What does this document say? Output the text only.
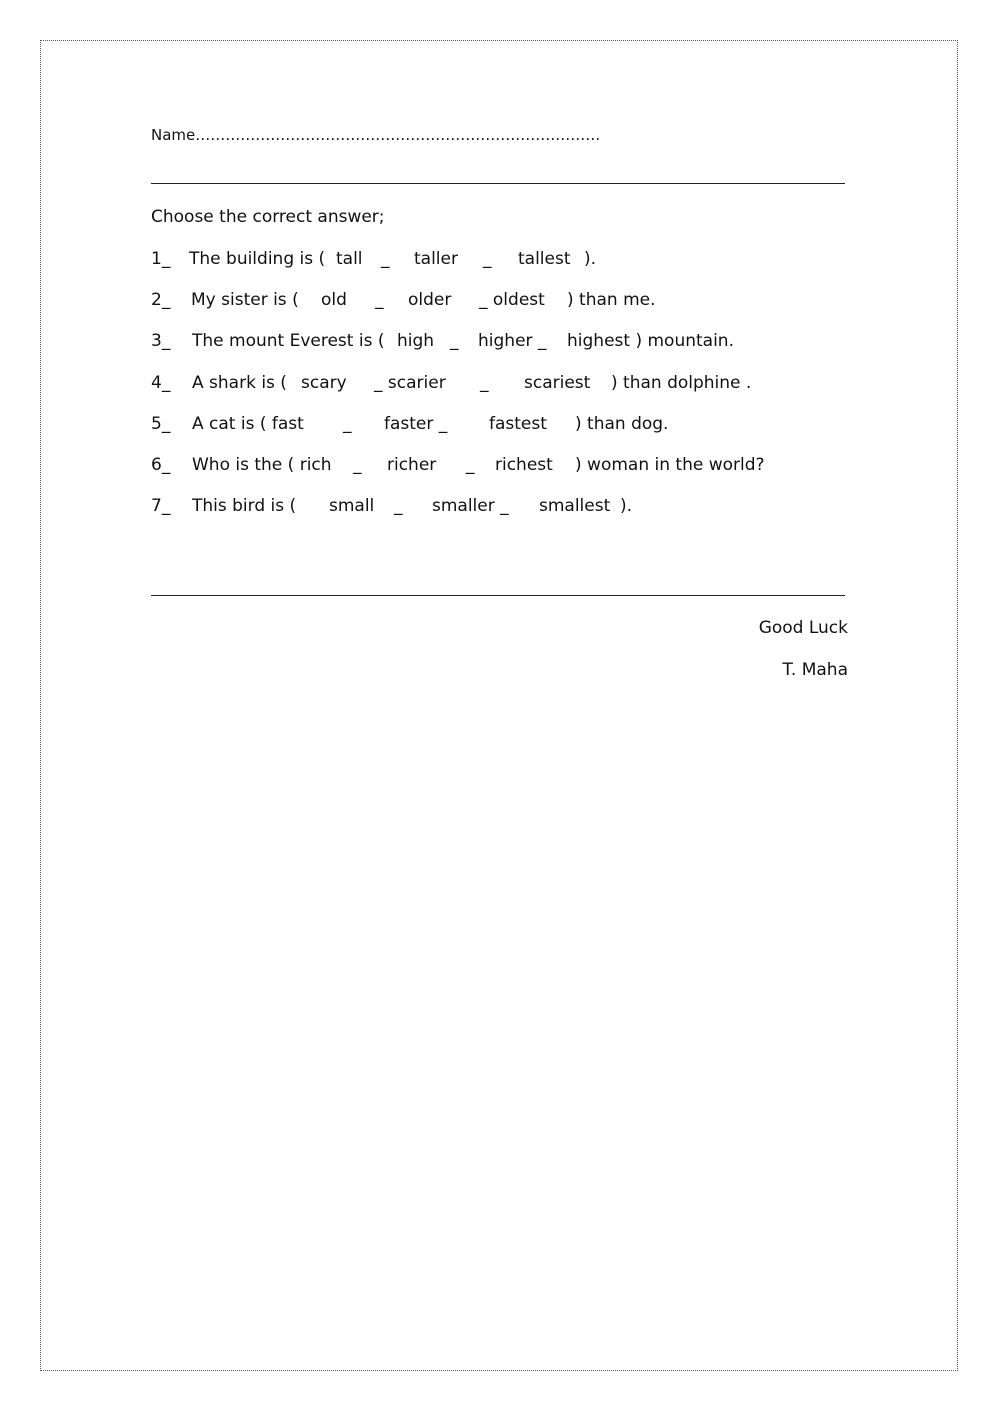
Name………………………………………………………………………
Choose the correct answer;

1_

The building is (

tall

_

taller

_

tallest

).

2_

My sister is (

old

_

older

_ oldest

) than me.

3_

The mount Everest is (

high

_

higher _

highest ) mountain.

4_

A shark is (

scary

_ scarier

_

scariest

) than dolphine .

5_

A cat is ( fast

_

faster _

fastest

) than dog.

6_

Who is the ( rich

_

richer

_

richest

) woman in the world?

7_

This bird is (

small

_

smaller _

smallest

).

Good Luck
T. Maha
